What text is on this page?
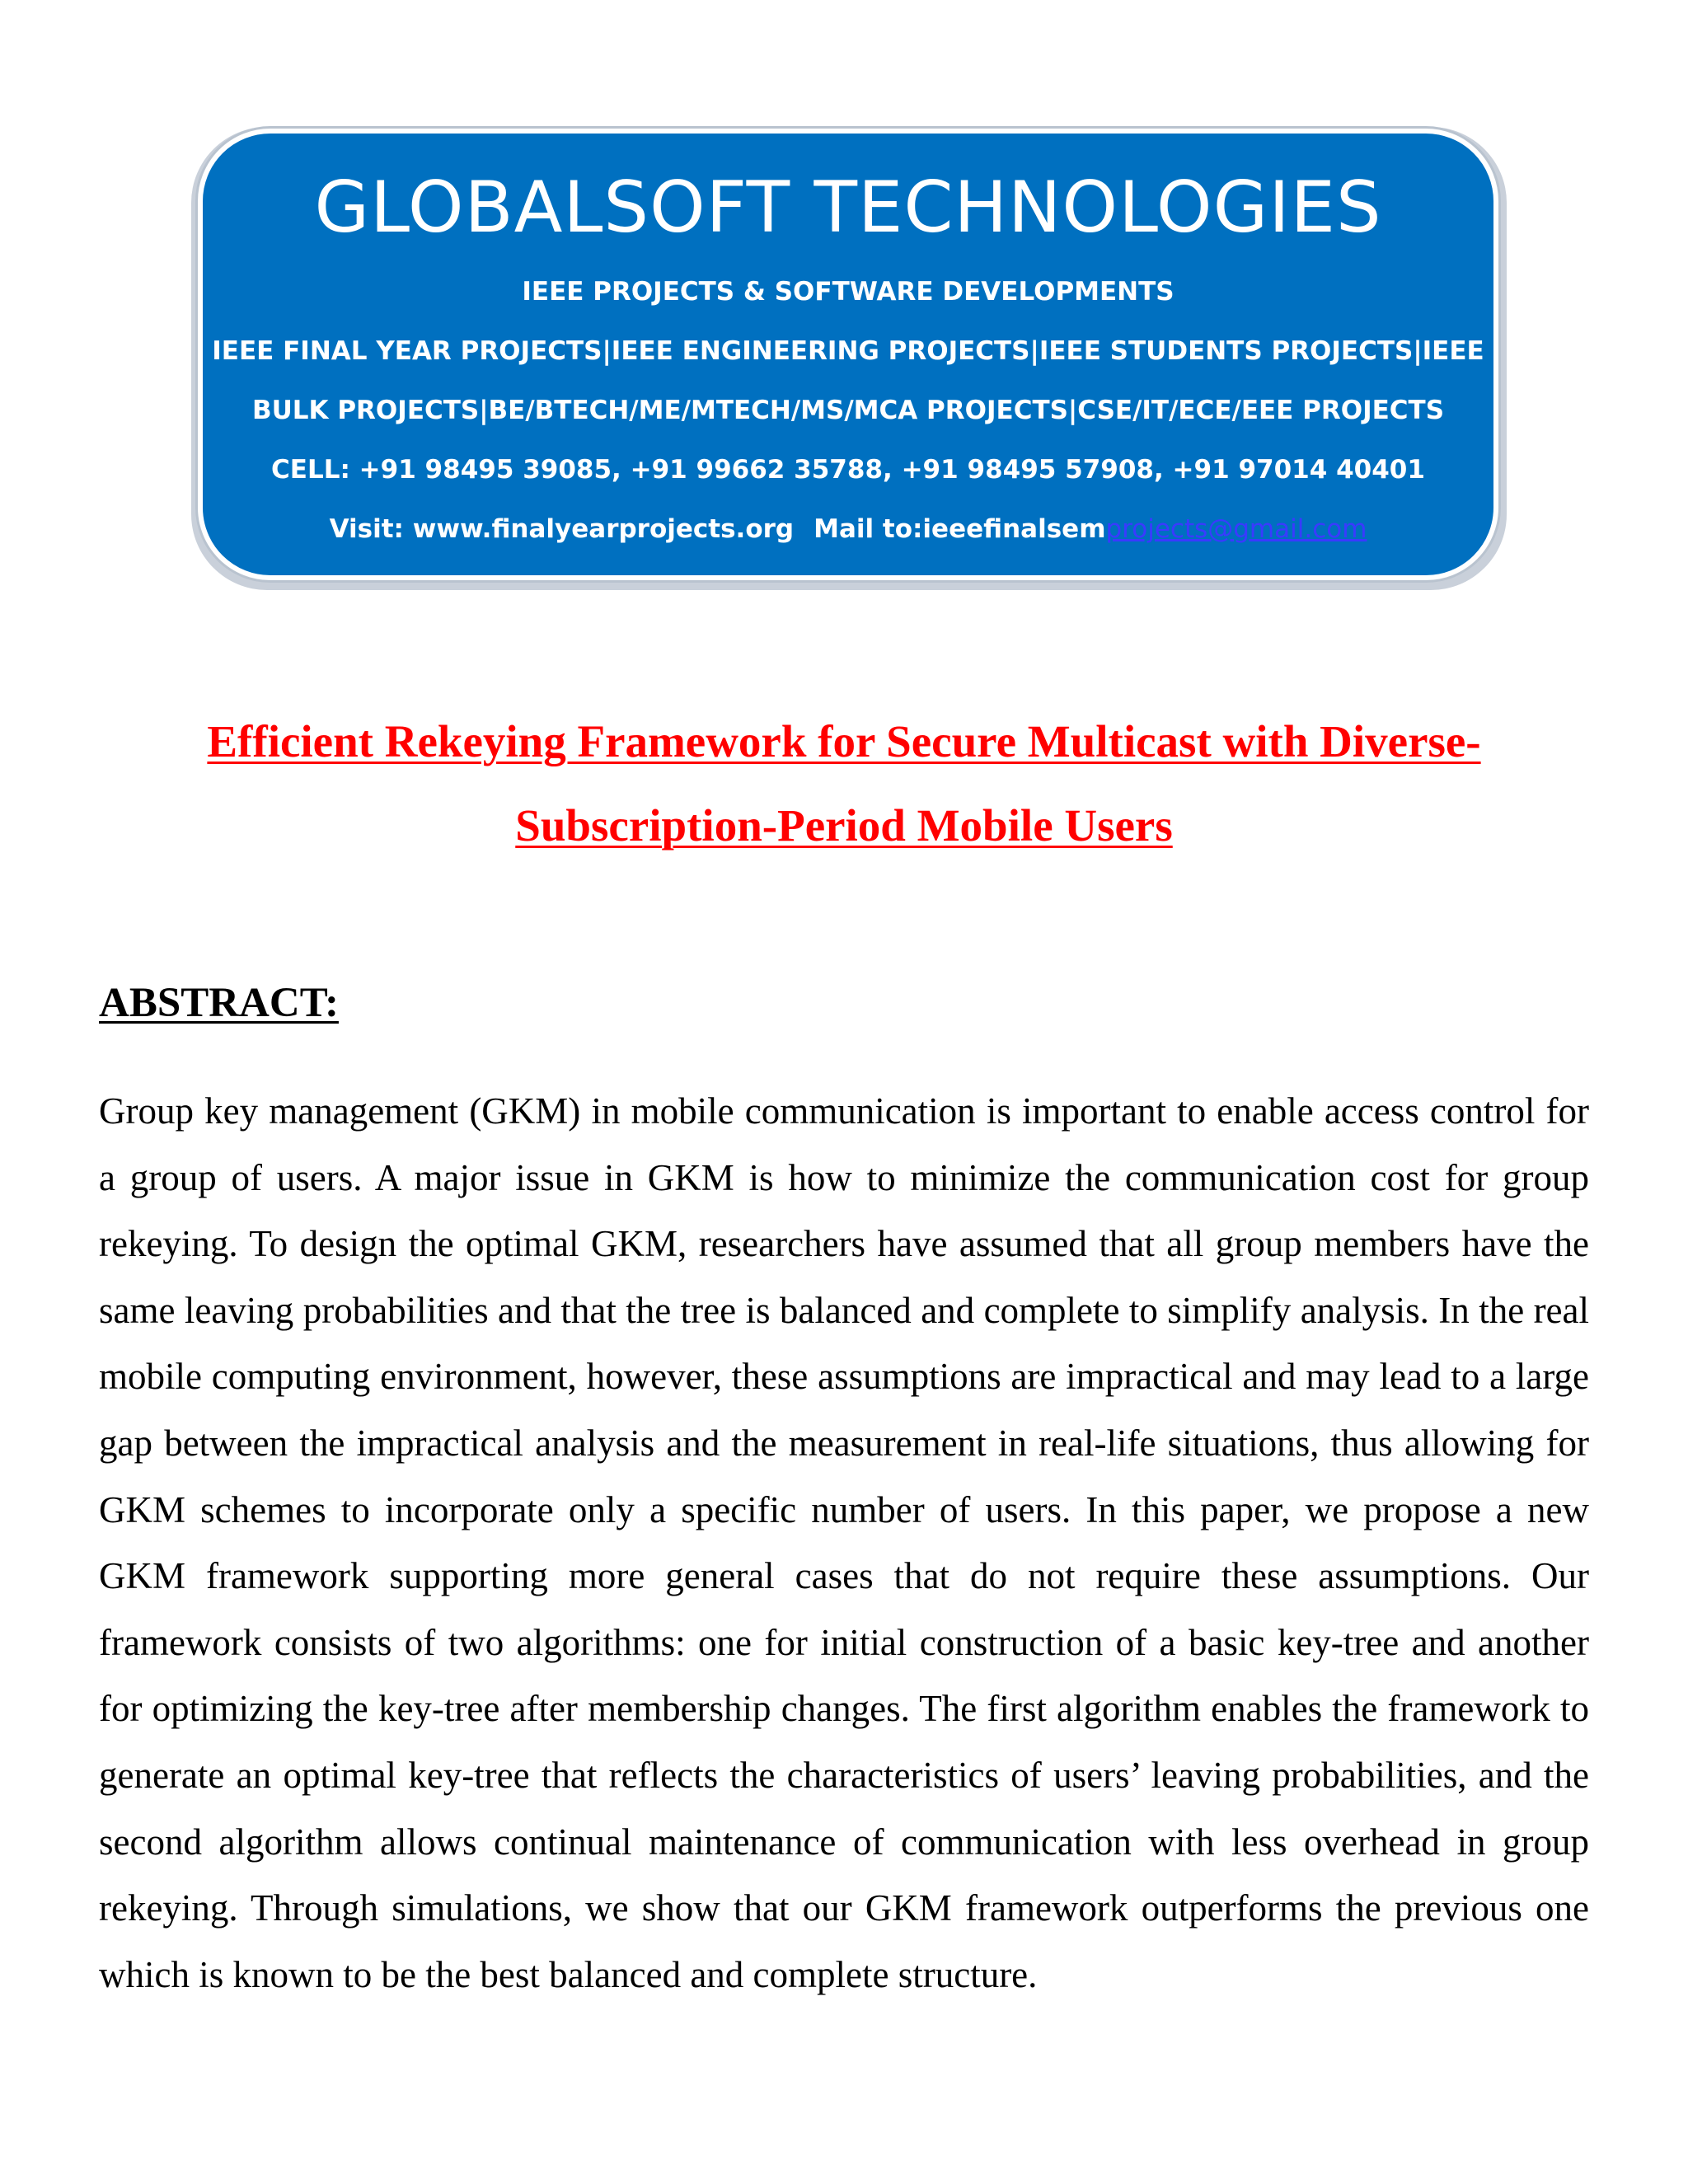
GLOBALSOFT TECHNOLOGIES
IEEE PROJECTS & SOFTWARE DEVELOPMENTS
IEEE FINAL YEAR PROJECTS|IEEE ENGINEERING PROJECTS|IEEE STUDENTS PROJECTS|IEEE
BULK PROJECTS|BE/BTECH/ME/MTECH/MS/MCA PROJECTS|CSE/IT/ECE/EEE PROJECTS
CELL: +91 98495 39085, +91 99662 35788, +91 98495 57908, +91 97014 40401
Visit: www.finalyearprojects.org Mail to:ieeefinalsemprojects@gmail.com
Efficient Rekeying Framework for Secure Multicast with Diverse-
Subscription-Period Mobile Users
ABSTRACT:

Group key management (GKM) in mobile communication is important to enable access control for a group of users. A major issue in GKM is how to minimize the communication cost for group rekeying. To design the optimal GKM, researchers have assumed that all group members have the same leaving probabilities and that the tree is balanced and complete to simplify analysis. In the real mobile computing environment, however, these assumptions are impractical and may lead to a large gap between the impractical analysis and the measurement in real-life situations, thus allowing for GKM schemes to incorporate only a specific number of users. In this paper, we propose a new GKM framework supporting more general cases that do not require these assumptions. Our framework consists of two algorithms: one for initial construction of a basic key-tree and another for optimizing the key-tree after membership changes. The first algorithm enables the framework to generate an optimal key-tree that reflects the characteristics of users’ leaving probabilities, and the second algorithm allows continual maintenance of communication with less overhead in group rekeying. Through simulations, we show that our GKM framework outperforms the previous one which is known to be the best balanced and complete structure.
